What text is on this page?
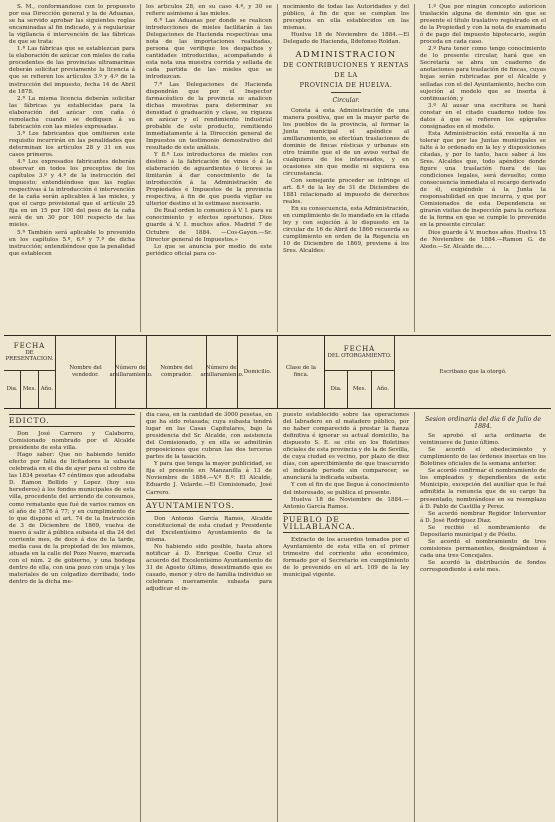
S. M., conformándose con lo propuesto por esa Dirección general y la de Aduanas, se ha servido aprobar las siguientes reglas encaminadas al fin indicado, y á regularizar la vigilancia é intervención de las fábricas de que se trata:

1.ª Las fábricas que se establezcan para la elaboración de azúcar con mieles de caña procedentes de las provincias ultramarinas deberán solicitar previamente la licencia á que se refieren los artículos 3.º y 4.º de la instrucción del impuesto, fecha 14 de Abril de 1878.

2.ª La misma licencia deberán solicitar las fábricas ya establecidas para la elaboración del azúcar con caña ó remolacha cuando se dediquen á su fabricación con las mieles expresadas.

3.ª Los fabricantes que omitieren este requisito incurrirán en las penalidades que determinan los artículos 28 y 31 en sus casos primeros.

4.ª Los expresados fabricantes deberán observar en todos los preceptos de los capítulos 3.º y 4.º de la instrucción del impuesto; entendiéndose que las reglas respectivas á la introducción é intervención de la caña serán aplicables á las mieles, y que el cargo provisional que el artículo 25 fija en un 15 por 100 del peso de la caña será de un 30 por 100 respecto de las mieles.

5.ª También será aplicable lo prevenido en los capítulos 5.º, 6.º y 7.º de dicha instrucción; entendiéndose que la penalidad que establecen

los artículos 28, en su caso 4.º, y 30 se refiere asimismo á las mieles.

6.ª Las Aduanas por donde se realicen introducciones de mieles facilitarán á las Delegaciones de Hacienda respectivas una nota de las importaciones realizadas, persona que verifique los despachos y cantidades introducidas, acompañando á esta nota una muestra corrida y sellada de cada partida de las mieles que se introduzcan.

7.ª Las Delegaciones de Hacienda dispondrán que por el Inspector farmacéutico de la provincia se analicen dichas muestras para determinar su densidad ó graduación y clase, su riqueza en azúcar y el rendimiento industrial probable de este producto, remitiendo inmediatamente á la Dirección general de Impuestos un testimonio demostrativo del resultado de este análisis.

Y 8.ª Los introductores de mieles con destino á la fabricación de vinos ó á la elaboración de aguardientes ó licores se limitarán á dar conocimiento de la introducción á la Administración de Propiedades é Impuestos de la provincia respectiva, á fin de que pueda vigilar su ulterior destino si lo estimase necesario.

De Real orden lo comunico á V. I. para su conocimiento y efectos oportunos. Dios guarde á V. I. muchos años. Madrid 7 de Octubre de 1884. —Cos-Gayon.—Sr. Director general de Impuestos.»

Lo que se anuncia por medio de este periódico oficial para co-

nocimiento de todas las Autoridades y del público, á fin de que se cumplan los preceptos en ella establecidos en las mismas.

Huelva 18 de Noviembre de 1884.—El Delegado de Hacienda, Ildefonso Roldan.

ADMINISTRACION
DE CONTRIBUCIONES Y RENTAS
DE LA
PROVINCIA DE HUELVA.
Circular.

Consta á esta Administración de una manera positiva, que en la mayor parte de los pueblos de la provincia, al formar la Junta municipal el apéndice al amillaramiento, se efectúan traslaciones de dominio de fincas rústicas y urbanas sin otro trámite que el de un aviso verbal de cualquiera de los interesados, y en ocasiones sin que medie ni siquiera esa circunstancia.

Con semejante proceder se infringe el art. 8.º de la ley de 31 de Diciembre de 1881 relacionado al impuesto de derechos reales.

En su consecuencia, esta Administración, en cumplimiento de lo mandado en la citada ley y con sujeción á lo dispuesto en la circular de 16 de Abril de 1866 recuerda su cumplimiento en orden de la Regencia en 10 de Diciembre de 1869, previene á los Sres. Alcaldes:

1.º Que por ningún concepto autoricen traslación alguna de dominio sin que se presente el título traslativo registrado en el de la Propiedad y con la nota de examinado ó de pago del impuesto hipotecario, según proceda en cada caso.

2.º Para tener como tengo conocimiento de lo presente circular, hará que en Secretaría se abra un cuaderno de anotaciones para traslación de fincas, cuyas hojas serán rubricadas por el Alcalde y selladas con el del Ayuntamiento, hecho con sujeción al modelo que se inserta á continuación; y

3.º Al ausar una escritura se hará constar en el citado cuaderno todos los datos á que se refieren los epígrafes consignados en el modelo.

Esta Administración está resuelta á no tolerar que por las Juntas municipales se falte á lo ordenado en la ley y disposiciones citadas, y por lo tanto, hace saber á los Sres. Alcaldes que, todo apéndice donde figure una traslación fuera de las condiciones legales, será devuelto; como consecuencia inmediata el recargo derivado de él, exigiéndole á la Junta la responsabilidad en que incurra, y que por Comisionados de esta Dependencia se girarán visitas de inspección para la certeza de la forma en que se cumple lo prevenido en la presente circular.

Dios guarde á V. muchos años. Huelva 15 de Noviembre de 1884.—Ramon G. de Aledo.—Sr. Alcalde de.....

FECHA
DE PRESENTACION.
Dia. Mes. Año.
Nombre del vendedor.
Número del amillaramiento.
Nombre del comprador.
Número del amillaramiento.
Domicilio.
Clase de la finca.
FECHA
DEL OTORGAMIENTO.
Dia.	Mes.	Año.
Escribano que la otorgó.
EDICTO.

Don José Carrero y Calaborro, Comisionado nombrado por el Alcalde presidente de esta villa.

Hago saber: Que no habiendo tenido efecto por falta de licitadores la subasta celebrada en el dia de ayer para el cobro de las 1834 pesetas 47 céntimos que adeudaba D. Ramon Bellido y Lopez (hoy sus herederos) á los fondos municipales de esta villa, procedente del arriendo de consumos, como rematante que fué de varios ramos en el año de 1876 á 77; y en cumplimiento de lo que dispone el art. 74 de la Instrucción de 3 de Diciembre de 1869, vuelva de nuevo á salir á pública subasta el dia 24 del corriente mes, de doce á dos de la tarde, media casa de la propiedad de los mismos, situada en la calle del Pozo Nuevo, marcada con el núm. 2 de gobierno, y una bodega dentro de ella, con una pozo con uraja y los materiales de un colgadizo derribado, todo dentro de la dicha me-

dia casa, en la cantidad de 3000 pesetas, en que ha sido retasada; cuya subasta tendrá lugar en las Casas Capitulares, bajo la presidencia del Sr. Alcalde, con asistencia del Comisionado, y en ella se admitirán proposiciones que cubran las dos terceras partes de la tasación.

Y para que tenga la mayor publicidad, se fija el presente en Manzanilla á 13 de Noviembre de 1884.—V.º B.º: El Alcalde, Eduardo J. Velarde.—El Comisionado, José Carrero.

AYUNTAMIENTOS.

Don Antonio García Ramos, Alcalde constitucional de esta ciudad y Presidente del Excelentísimo Ayuntamiento de la misma.

No habiendo sido posible, hasta ahora notificar á D. Enrique Coello Cruz el acuerdo del Excelentísimo Ayuntamiento de 31 de Agosto último, desestimando que es casado, menor y otro de familia individuo se celebrara nuevamente subasta para adjudicar el in-

puesto establecido sobre las operaciones del labradero en el matadero público, por no haber comparecido á prestar la fianza definitiva é ignorar su actual domicilio, ha dispuesto S. E. se cite en los Boletines oficiales de esta provincia y de la de Sevilla, de cuya ciudad es vecino, por plazo de diez días, con apercibimiento de que trascurrido el indicado periodo sin comparecer, se anunciará la indicada subasta.

Y con el fin de que llegue á conocimiento del interesado, se publica el presente.

Huelva 18 de Noviembre de 1884.—Antonio García Ramos.

PUEBLO DE VILLABLANCA.

Extracto de los acuerdos tomados por el Ayuntamiento de esta villa en el primer trimestre del corriente año económico, formado por el Secretario en cumplimiento de lo prevenido en el art. 109 de la ley municipal vigente.

Sesion ordinaria del dia 6 de Julio de 1884.

Se aprobó el acta ordinaria de veintinueve de Junio último.

Se acordó el obedecimiento y cumplimiento de las órdenes insertas en los Boletines oficiales de la semana anterior.

Se acordó confirmar el nombramiento de los empleados y dependientes de este Municipio, excepción del auxiliar que le fué admitida la renuncia que de su cargo ha presentado, nombrándose en su reemplazo á D. Pablo de Castilla y Perez.

Se acordó nombrar Regidor Interventor á D. José Rodriguez Diaz.

Se recibió el nombramiento de Depositario municipal y de Pósito.

Se acordó el nombramiento de tres comisiones permanentes, designándose á cada una tres Concejales.

Se acordó la distribución de fondos correspondiente á este mes.
